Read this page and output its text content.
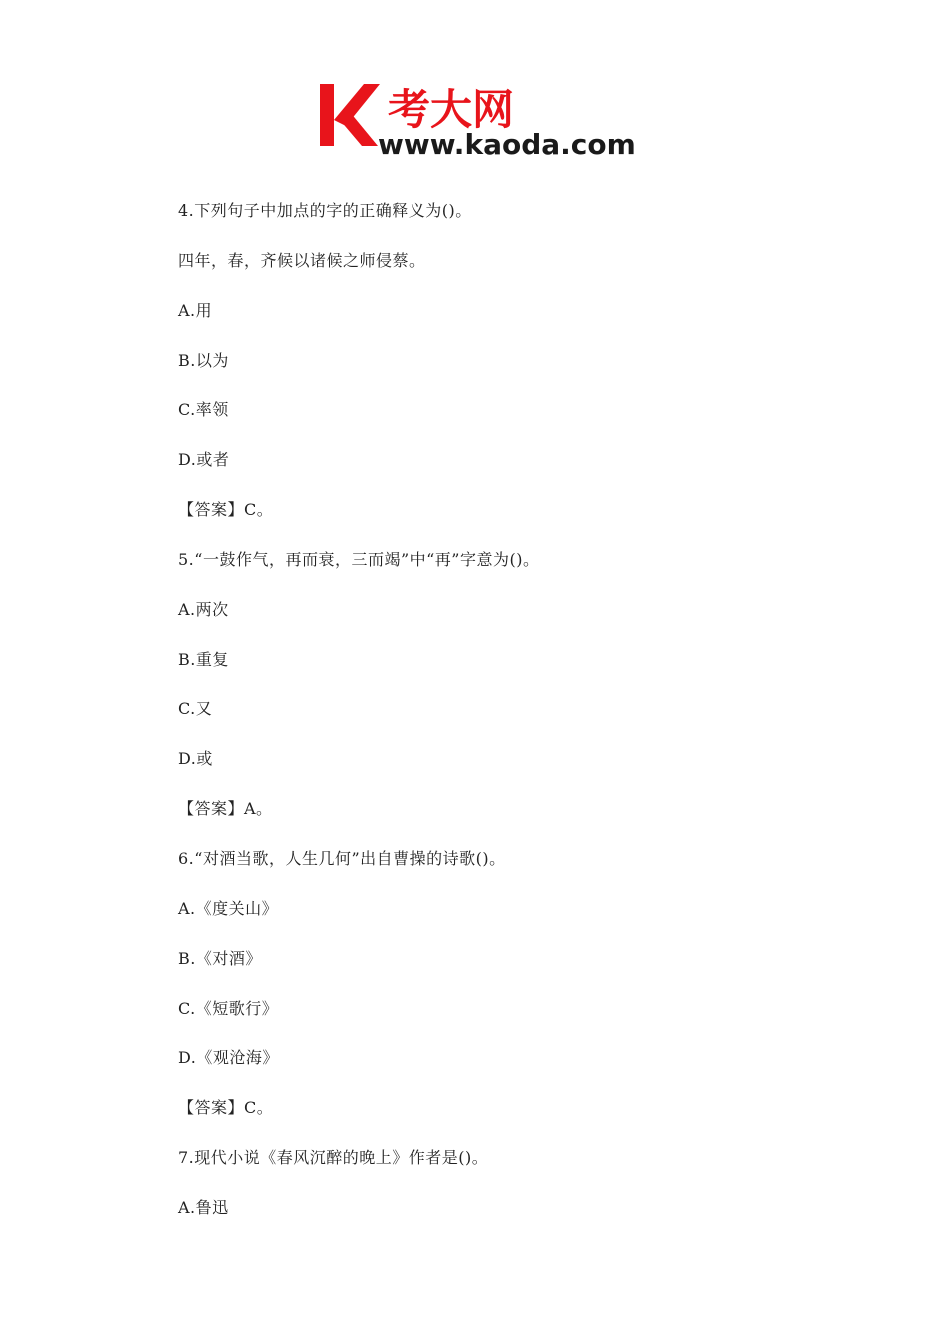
考大网
www.kaoda.com
4.下列句子中加点的字的正确释义为()。
四年，春，齐候以诸候之师侵蔡。
A.用
B.以为
C.率领
D.或者
【答案】C。
5.“一鼓作气，再而衰，三而竭”中“再”字意为()。
A.两次
B.重复
C.又
D.或
【答案】A。
6.“对酒当歌，人生几何”出自曹操的诗歌()。
A.《度关山》
B.《对酒》
C.《短歌行》
D.《观沧海》
【答案】C。
7.现代小说《春风沉醉的晚上》作者是()。
A.鲁迅
